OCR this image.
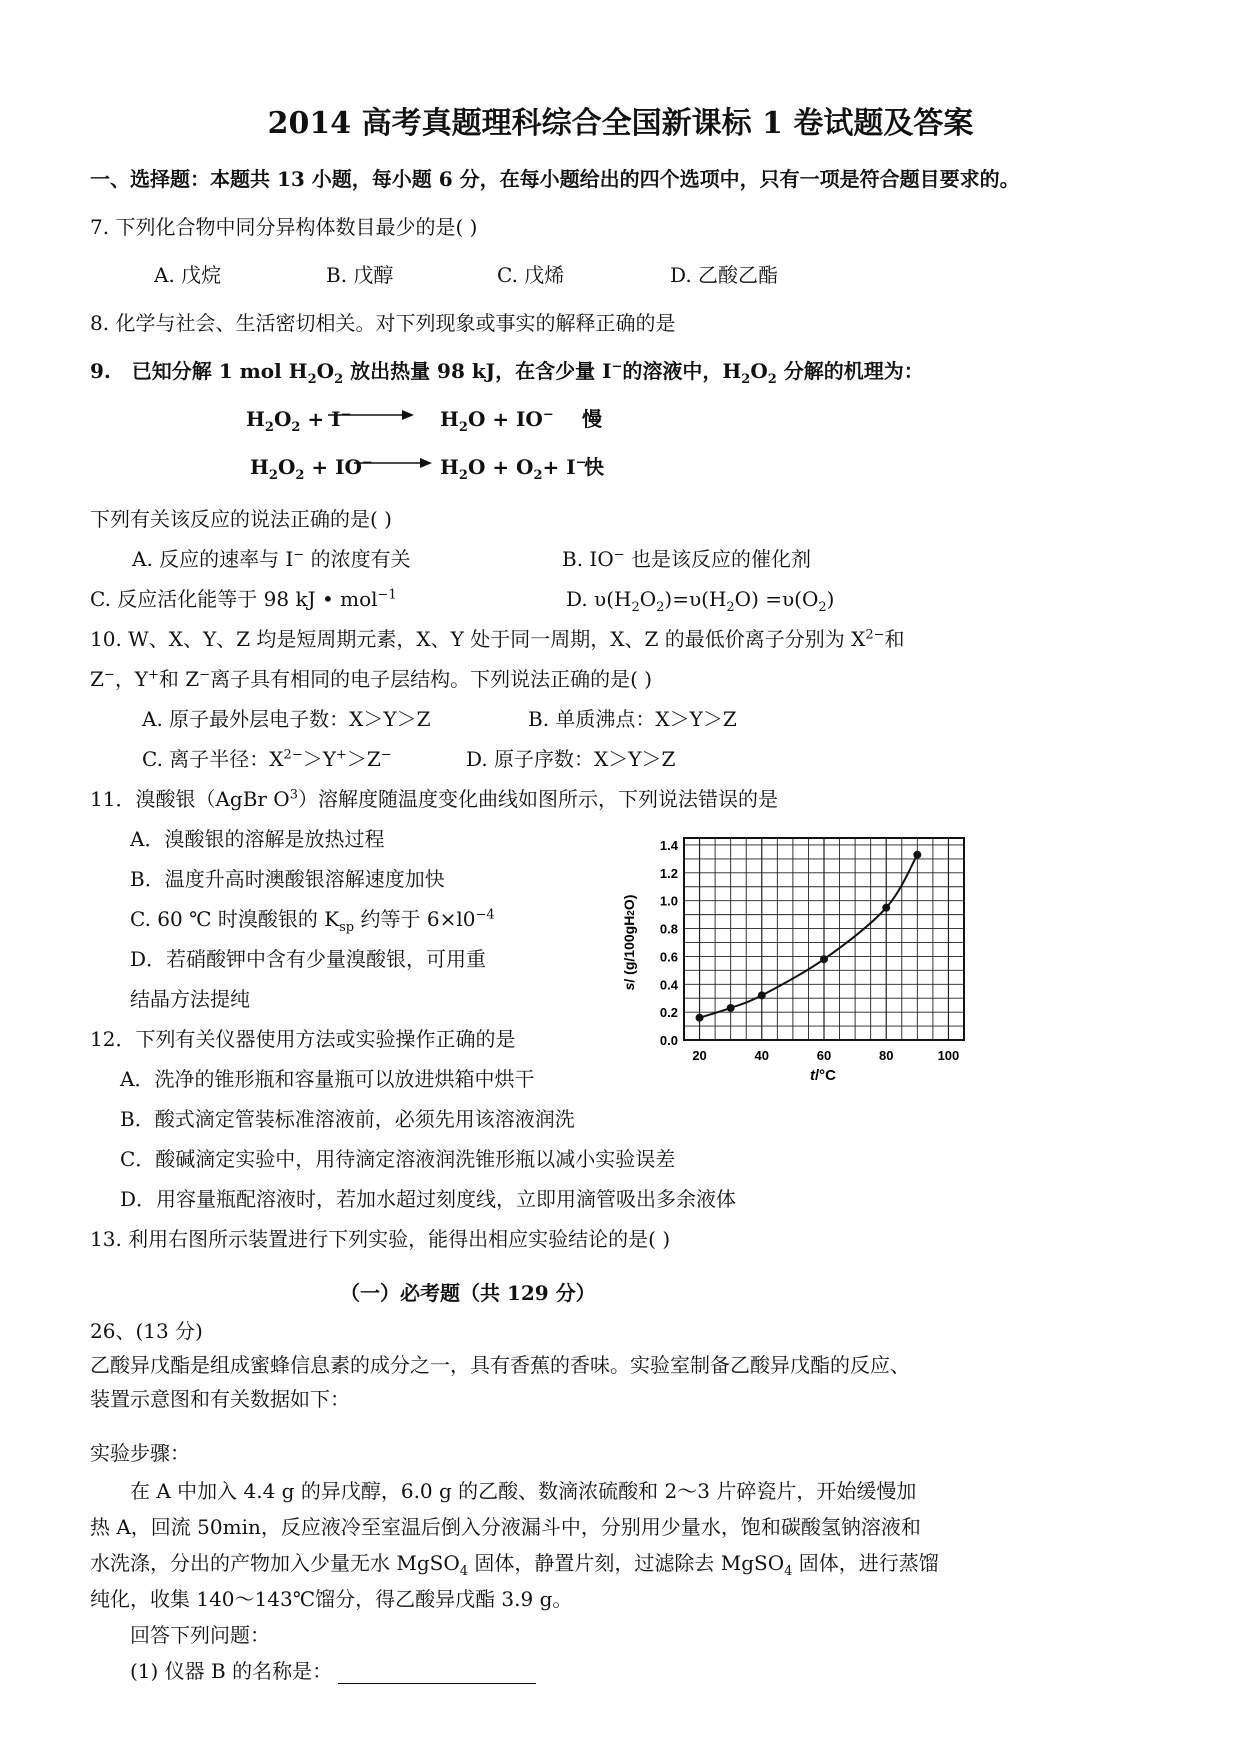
2014 高考真题理科综合全国新课标 1 卷试题及答案
一、选择题：本题共 13 小题，每小题 6 分，在每小题给出的四个选项中，只有一项是符合题目要求的。
7. 下列化合物中同分异构体数目最少的是( )
A. 戊烷	B. 戊醇	C. 戊烯	D. 乙酸乙酯
8. 化学与社会、生活密切相关。对下列现象或事实的解释正确的是
9. 已知分解 1 mol $H_2O_2$ 放出热量 98 kJ，在含少量 I−的溶液中，$H_2O_2$ 分解的机理为：
$H_2O_2 + I^-$	$H_2O + IO^-$ 慢
$H_2O_2 + IO^-$	$H_2O + O_2+ I^-$
快
下列有关该反应的说法正确的是( )
A. 反应的速率与 I− 的浓度有关	B. IO− 也是该反应的催化剂
C. 反应活化能等于 98 kJ • mol$^{-1}$	D. $\upsilon(H_2O_2)=\upsilon(H_2O) =\upsilon(O_2)$
10. W、X、Y、Z 均是短周期元素，X、Y 处于同一周期，X、Z 的最低价离子分别为 $X^{2-}$和
Z−，Y+和 Z−离子具有相同的电子层结构。下列说法正确的是( )
A. 原子最外层电子数：X＞Y＞Z	B. 单质沸点：X＞Y＞Z
C. 离子半径：$X^{2-}>Y^+>Z^-$	D. 原子序数：X＞Y＞Z
11．溴酸银（AgBr $O^3$）溶解度随温度变化曲线如图所示，下列说法错误的是
A．溴酸银的溶解是放热过程
B．温度升高时澳酸银溶解速度加快
C. 60 ℃ 时溴酸银的 $K_{sp}$ 约等于 $6\times l0^{-4}$
D．若硝酸钾中含有少量溴酸银，可用重
结晶方法提纯
20	40	60	80	100
0.0
0.2
0.4
0.6
0.8
1.0
1.2
1.4
t/°C
s/ (g/100gH2O)
12．下列有关仪器使用方法或实验操作正确的是
A．洗净的锥形瓶和容量瓶可以放进烘箱中烘干
B．酸式滴定管装标准溶液前，必须先用该溶液润洗
C．酸碱滴定实验中，用待滴定溶液润洗锥形瓶以减小实验误差
D．用容量瓶配溶液时，若加水超过刻度线，立即用滴管吸出多余液体
13. 利用右图所示装置进行下列实验，能得出相应实验结论的是( )
（一）必考题（共 129 分）
26、(13 分)
乙酸异戊酯是组成蜜蜂信息素的成分之一，具有香蕉的香味。实验室制备乙酸异戊酯的反应、
装置示意图和有关数据如下：
实验步骤：
在 A 中加入 4.4 g 的异戊醇，6.0 g 的乙酸、数滴浓硫酸和 2～3 片碎瓷片，开始缓慢加
热 A，回流 50min，反应液冷至室温后倒入分液漏斗中，分别用少量水，饱和碳酸氢钠溶液和
水洗涤，分出的产物加入少量无水 MgSO$_4$ 固体，静置片刻，过滤除去 MgSO$_4$ 固体，进行蒸馏
纯化，收集 140～143℃馏分，得乙酸异戊酯 3.9 g。
回答下列问题：
(1) 仪器 B 的名称是：
